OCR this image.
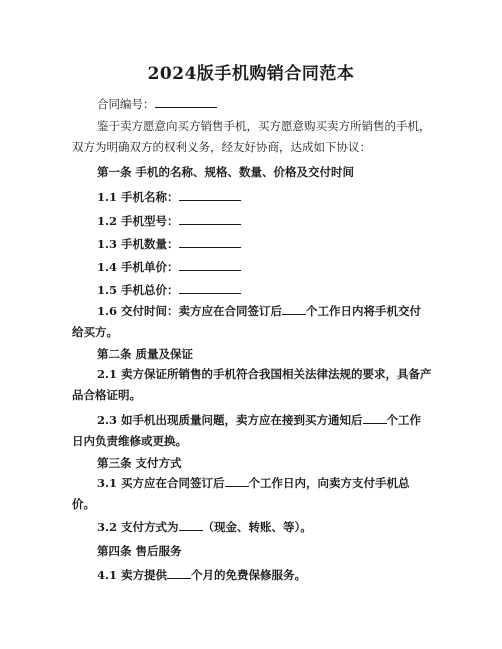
2024版手机购销合同范本
合同编号：
鉴于卖方愿意向买方销售手机，买方愿意购买卖方所销售的手机，双方为明确双方的权利义务，经友好协商，达成如下协议：
第一条 手机的名称、规格、数量、价格及交付时间
1.1 手机名称：
1.2 手机型号：
1.3 手机数量：
1.4 手机单价：
1.5 手机总价：
1.6 交付时间：卖方应在合同签订后 个工作日内将手机交付给买方。
第二条 质量及保证
2.1 卖方保证所销售的手机符合我国相关法律法规的要求，具备产品合格证明。
2.3 如手机出现质量问题，卖方应在接到买方通知后 个工作日内负责维修或更换。
第三条 支付方式
3.1 买方应在合同签订后 个工作日内，向卖方支付手机总价。
3.2 支付方式为 （现金、转账、等）。
第四条 售后服务
4.1 卖方提供 个月的免费保修服务。
